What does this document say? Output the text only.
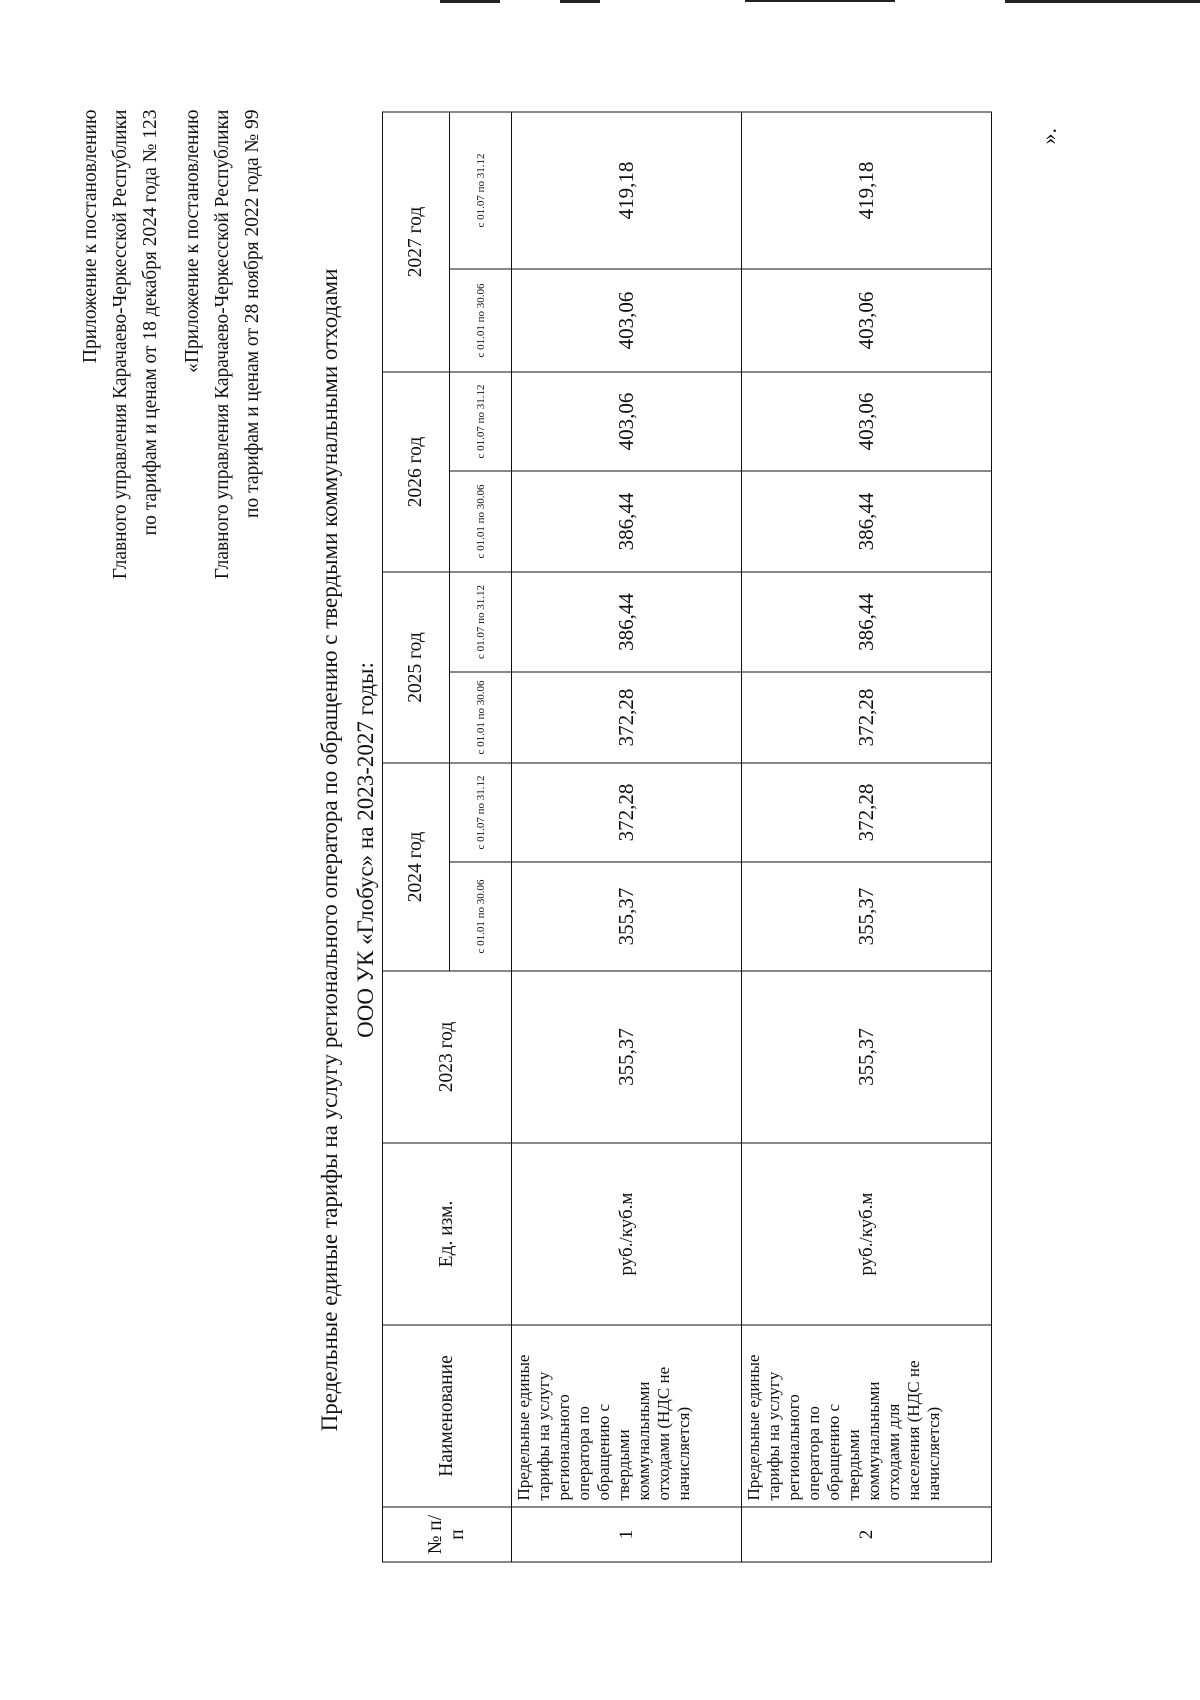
Приложение к постановлению Главного управления Карачаево-Черкесской Республики по тарифам и ценам от 18 декабря 2024 года № 123 «Приложение к постановлению Главного управления Карачаево-Черкесской Республики по тарифам и ценам от 28 ноября 2022 года № 99 Предельные единые тарифы на услугу регионального оператора по обращению с твердыми коммунальными отходами ООО УК «Глобус» на 2023-2027 годы:
№ п/п	Наименование	Ед. изм.	2023 год	2024 год		2025 год		2026 год		2027 год	
				с 01.01 по 30.06	с 01.07 по 31.12	с 01.01 по 30.06	с 01.07 по 31.12	с 01.01 по 30.06	с 01.07 по 31.12	с 01.01 по 30.06	с 01.07 по 31.12
1	Предельные единые тарифы на услугу регионального оператора по обращению с твердыми коммунальными отходами (НДС не начисляется)	руб./куб.м	355,37	355,37	372,28	372,28	386,44	386,44	403,06	403,06	419,18
2	Предельные единые тарифы на услугу регионального оператора по обращению с твердыми коммунальными отходами для населения (НДС не начисляется)	руб./куб.м	355,37	355,37	372,28	372,28	386,44	386,44	403,06	403,06	419,18
».
